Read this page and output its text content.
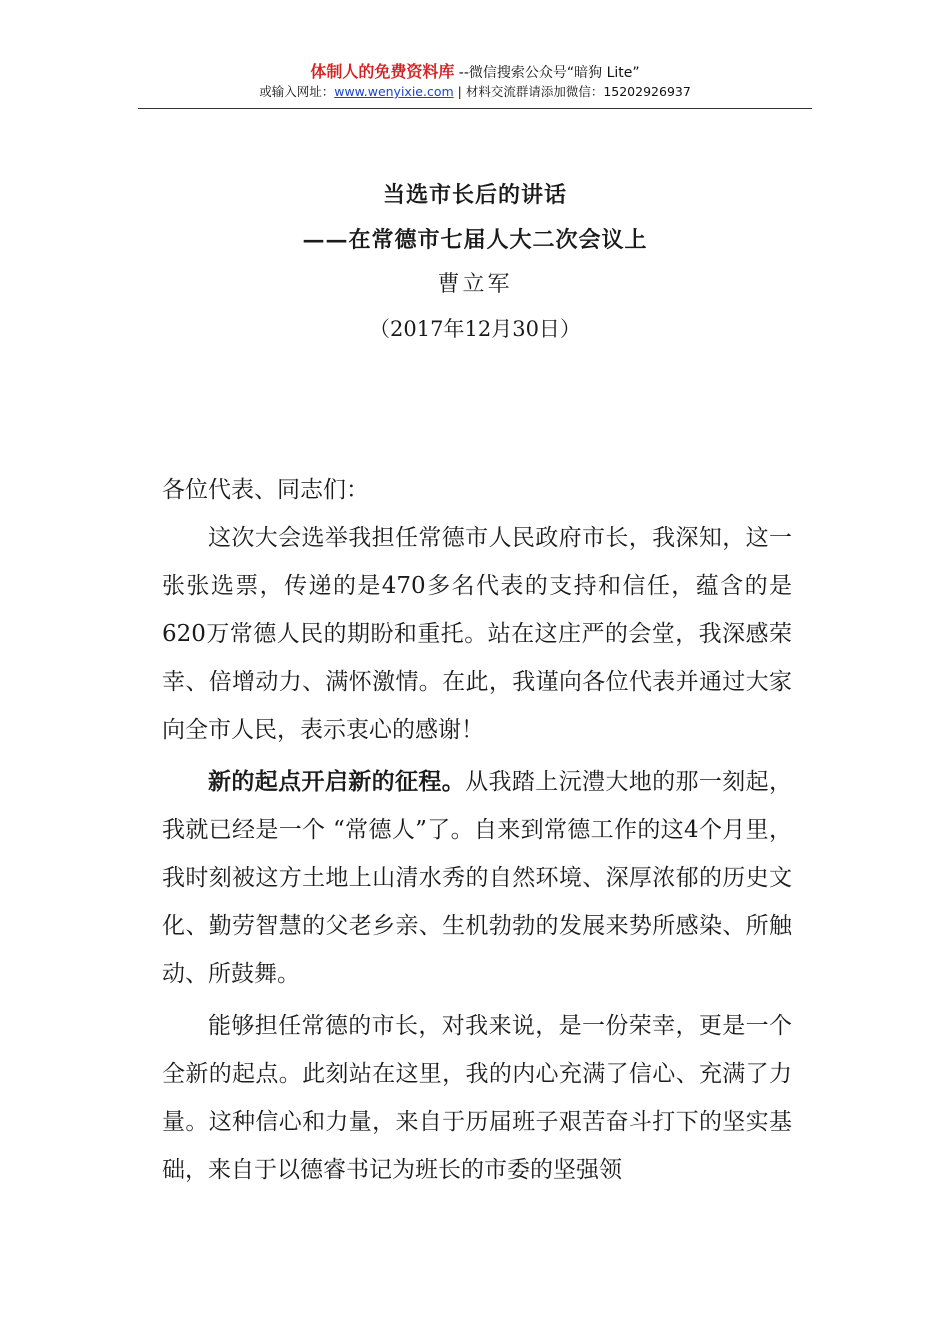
体制人的免费资料库 --微信搜索公众号“暗狗 Lite”
或输入网址：www.wenyixie.com | 材料交流群请添加微信：15202926937
当选市长后的讲话
——在常德市七届人大二次会议上
曹立军
（2017年12月30日）

各位代表、同志们：

这次大会选举我担任常德市人民政府市长，我深知，这一张张选票，传递的是470多名代表的支持和信任，蕴含的是620万常德人民的期盼和重托。站在这庄严的会堂，我深感荣幸、倍增动力、满怀激情。在此，我谨向各位代表并通过大家向全市人民，表示衷心的感谢！

新的起点开启新的征程。从我踏上沅澧大地的那一刻起，我就已经是一个 “常德人”了。自来到常德工作的这4个月里，我时刻被这方土地上山清水秀的自然环境、深厚浓郁的历史文化、勤劳智慧的父老乡亲、生机勃勃的发展来势所感染、所触动、所鼓舞。

能够担任常德的市长，对我来说，是一份荣幸，更是一个全新的起点。此刻站在这里，我的内心充满了信心、充满了力量。这种信心和力量，来自于历届班子艰苦奋斗打下的坚实基础，来自于以德睿书记为班长的市委的坚强领
